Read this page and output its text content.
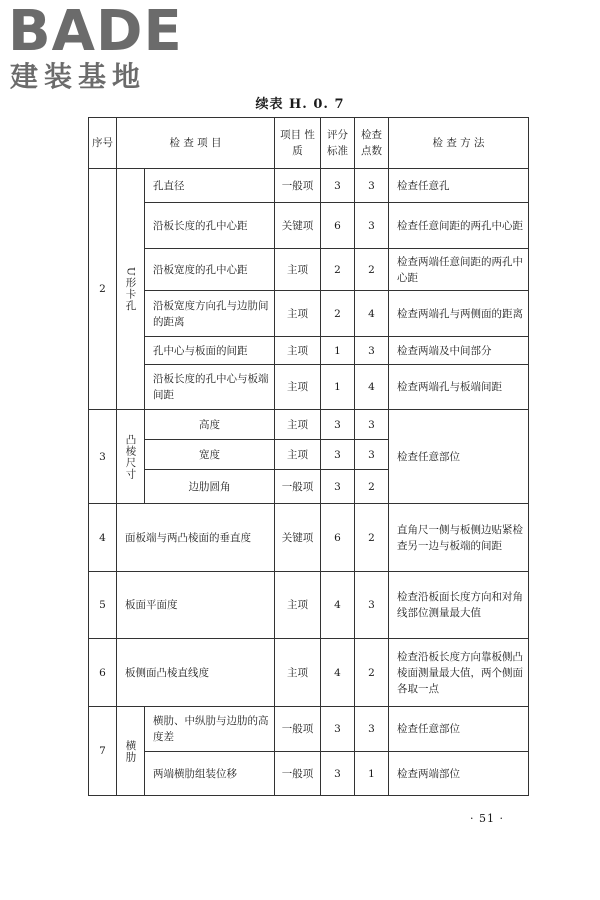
BADE
建装基地
续表 H. 0. 7
序号	检 查 项 目		项目 性质	评分 标准	检查 点数	检 查 方 法
2	U形卡孔	孔直径	一般项	3	3	检查任意孔
		沿板长度的孔中心距	关键项	6	3	检查任意间距的两孔中心距
		沿板宽度的孔中心距	主项	2	2	检查两端任意间距的两孔中心距
		沿板宽度方向孔与边肋间的距离	主项	2	4	检查两端孔与两侧面的距离
		孔中心与板面的间距	主项	1	3	检查两端及中间部分
		沿板长度的孔中心与板端间距	主项	1	4	检查两端孔与板端间距
3	凸棱尺寸	高度	主项	3	3	检查任意部位
		宽度	主项	3	3	
		边肋圆角	一般项	3	2	
4	面板端与两凸棱面的垂直度		关键项	6	2	直角尺一侧与板侧边贴紧检查另一边与板端的间距
5	板面平面度		主项	4	3	检查沿板面长度方向和对角线部位测量最大值
6	板侧面凸棱直线度		主项	4	2	检查沿板长度方向靠板侧凸棱面测量最大值，两个侧面各取一点
7	横肋	横肋、中纵肋与边肋的高度差	一般项	3	3	检查任意部位
		两端横肋组装位移	一般项	3	1	检查两端部位
· 51 ·
